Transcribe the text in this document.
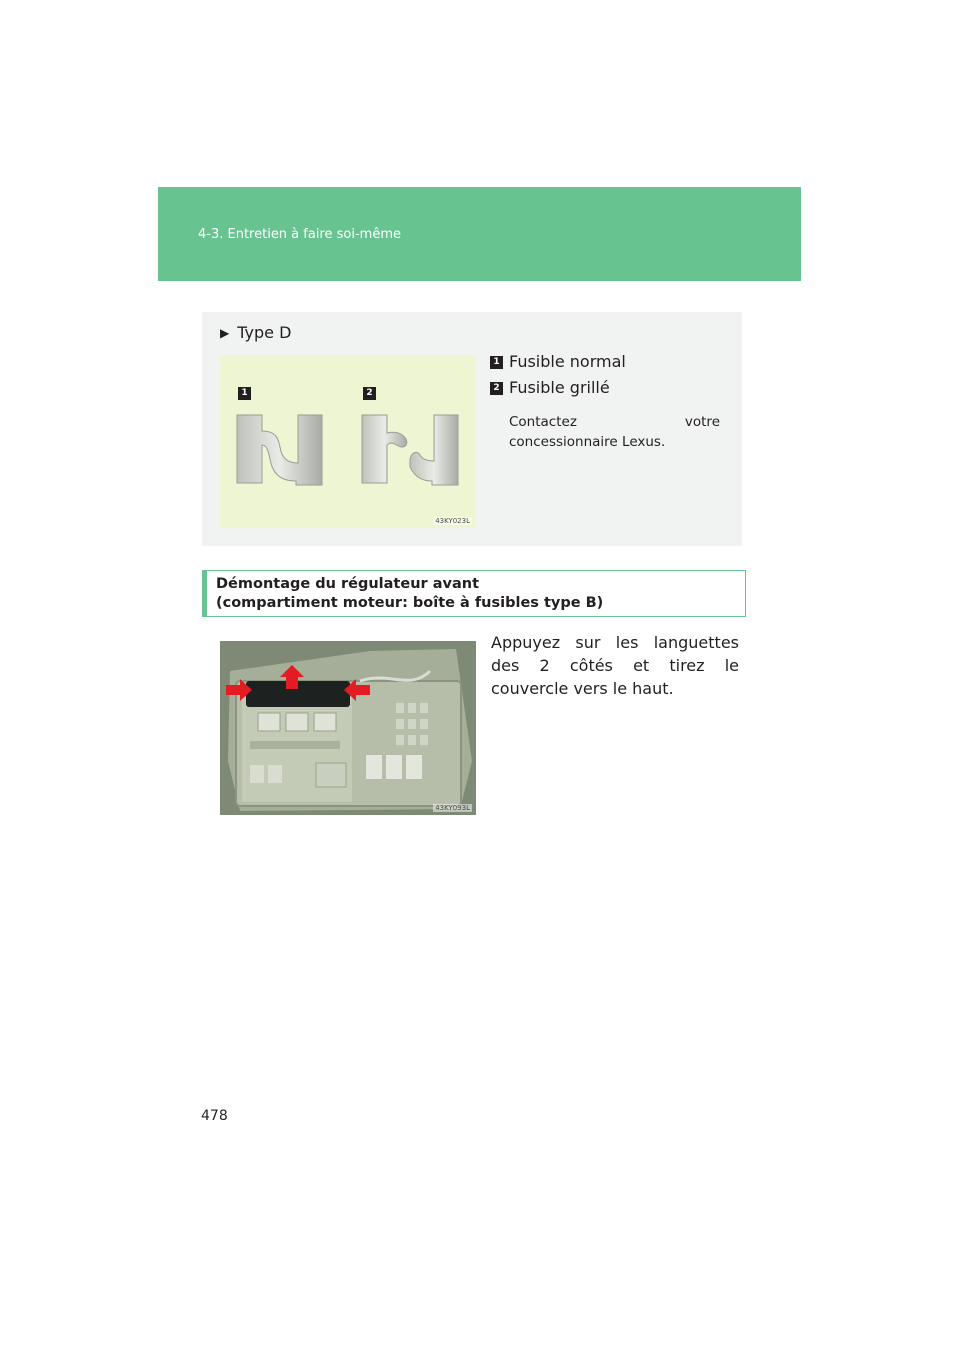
4-3. Entretien à faire soi-même
▶ Type D
1	2
43KY023L
1 Fusible normal
2 Fusible grillé
Contactez votre concessionnaire Lexus.
Démontage du régulateur avant
(compartiment moteur: boîte à fusibles type B)
43KY093L
Appuyez sur les languettes des 2 côtés et tirez le couvercle vers le haut.
478
